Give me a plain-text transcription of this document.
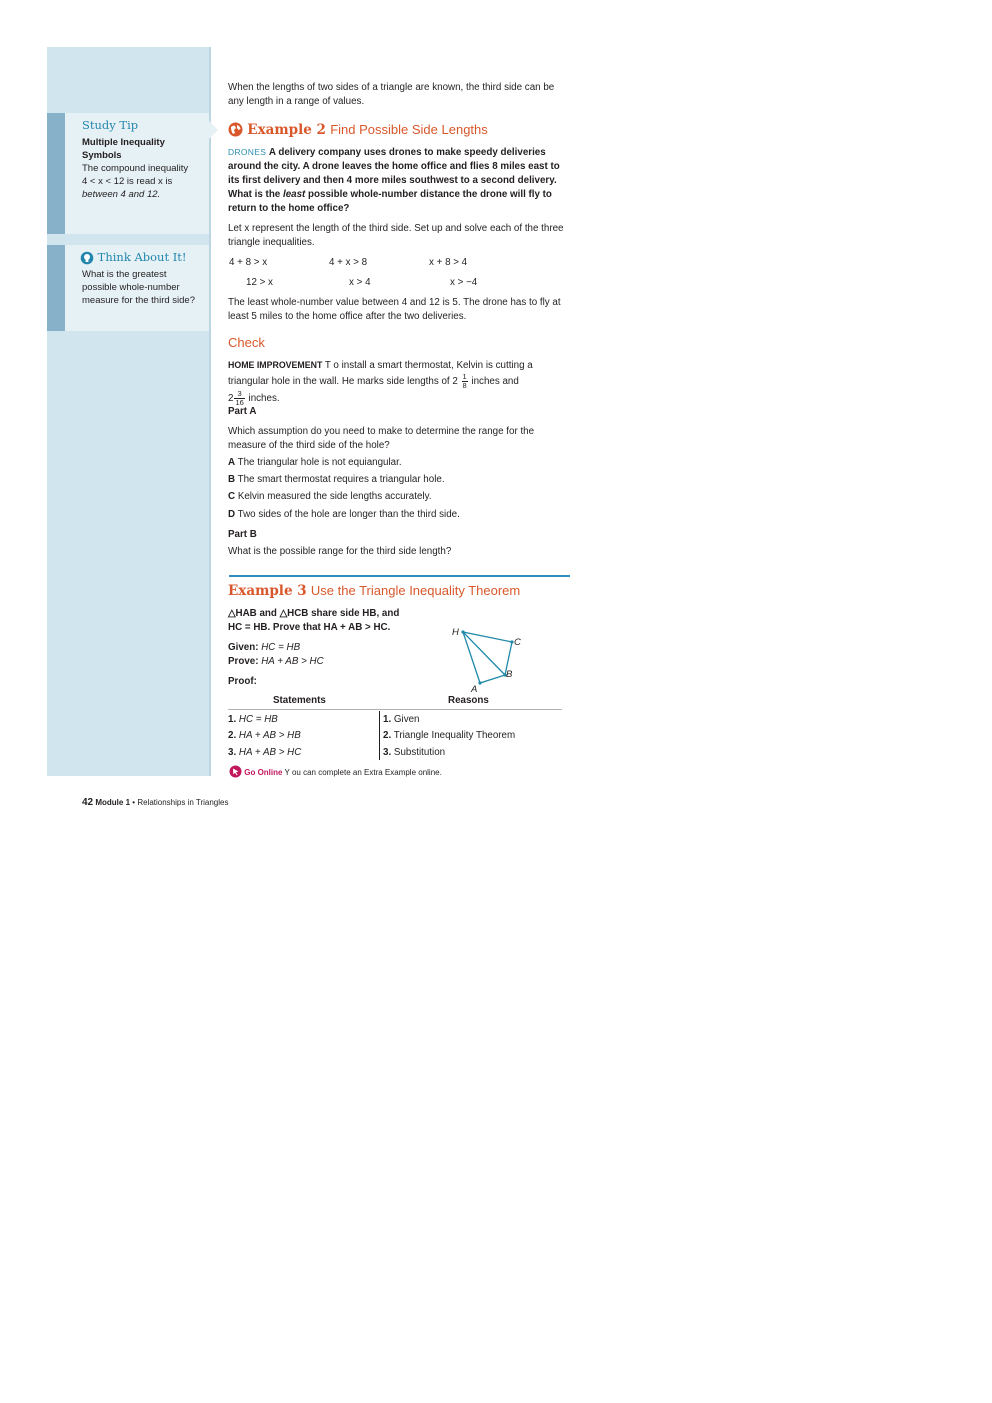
Study Tip
Multiple Inequality Symbols
The compound inequality
4 < x < 12 is read x is
between 4 and 12.
Think About It!
What is the greatest possible whole-number measure for the third side?
When the lengths of two sides of a triangle are known, the third side can be any length in a range of values.
Example 2 Find Possible Side Lengths
DRONES A delivery company uses drones to make speedy deliveries around the city. A drone leaves the home office and flies 8 miles east to its first delivery and then 4 more miles southwest to a second delivery. What is the least possible whole-number distance the drone will fly to return to the home office?
Let x represent the length of the third side. Set up and solve each of the three triangle inequalities.
4 + 8 > x	4 + x > 8	x + 8 > 4
12 > x	x > 4	x > −4
The least whole-number value between 4 and 12 is 5. The drone has to fly at least 5 miles to the home office after the two deliveries.
Check
HOME IMPROVEMENT T o install a smart thermostat, Kelvin is cutting a triangular hole in the wall. He marks side lengths of $2 \frac{1}{8}$ inches and
$2 \frac{3}{16}$ inches.
Part A
Which assumption do you need to make to determine the range for the measure of the third side of the hole?
A The triangular hole is not equiangular.
B The smart thermostat requires a triangular hole.
C Kelvin measured the side lengths accurately.
D Two sides of the hole are longer than the third side.
Part B
What is the possible range for the third side length?
Example 3 Use the Triangle Inequality Theorem
△HAB and △HCB share side HB, and
HC = HB. Prove that HA + AB > HC.
Given: HC = HB
Prove: HA + AB > HC
Proof:
H
C
B
A
Statements	Reasons
1. HC = HB	1. Given
2. HA + AB > HB	2. Triangle Inequality Theorem
3. HA + AB > HC	3. Substitution
Go Online Y ou can complete an Extra Example online.
42 Module 1 • Relationships in Triangles
